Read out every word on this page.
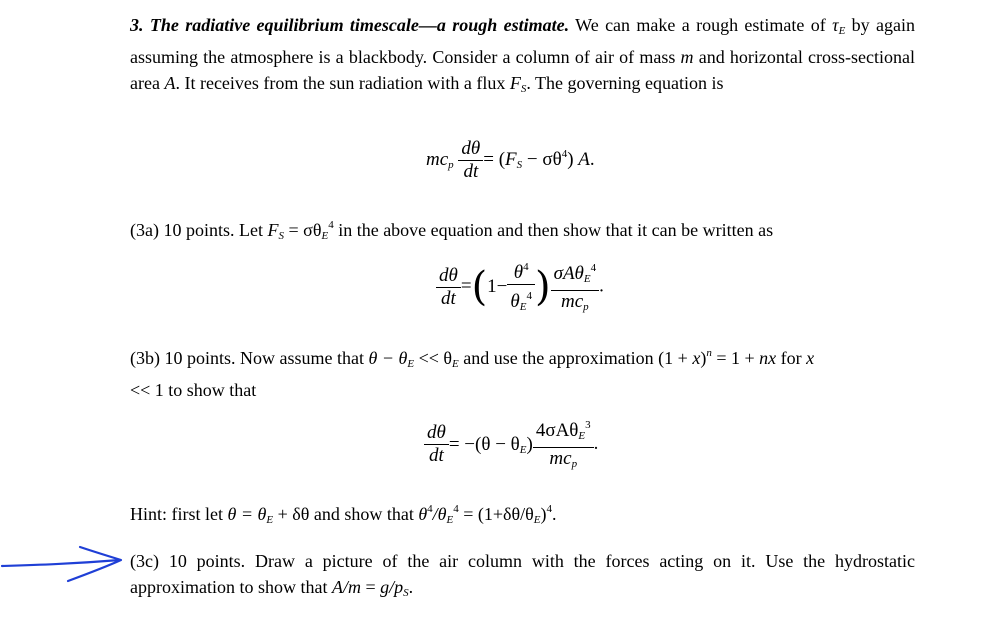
3. The radiative equilibrium timescale—a rough estimate. We can make a rough estimate of $\tau_E$ by again assuming the atmosphere is a blackbody. Consider a column of air of mass m and horizontal cross-sectional area A. It receives from the sun radiation with a flux $F_S$. The governing equation is

$mc_p \frac{d\theta}{dt} = (F_S - \sigma\theta^4)$ A.

(3a) 10 points. Let $F_S = \sigma\theta_E^4$ in the above equation and then show that it can be written as

$\frac{d\theta}{dt} =(1- \frac{\theta^4}{\theta_E^4}$ ) $\frac{\sigma A\theta_E^4}{mc_p}$ .

(3b) 10 points. Now assume that $\theta - \theta_E << \theta_E$ and use the approximation $(1 + x)^n = 1$ + nx for x
<< 1 to show that

$\frac{d\theta}{dt} = -(\theta - \theta_E) \frac{4\sigma A\theta_E^3}{mc_p}$ .

Hint: first let $\theta = \theta_E + \delta\theta$ and show that $\theta^4/\theta_E^4 = (1+\delta\theta/\theta_E)^4$.

(3c) 10 points. Draw a picture of the air column with the forces acting on it. Use the hydrostatic approximation to show that $A/m = g/p_S$.
